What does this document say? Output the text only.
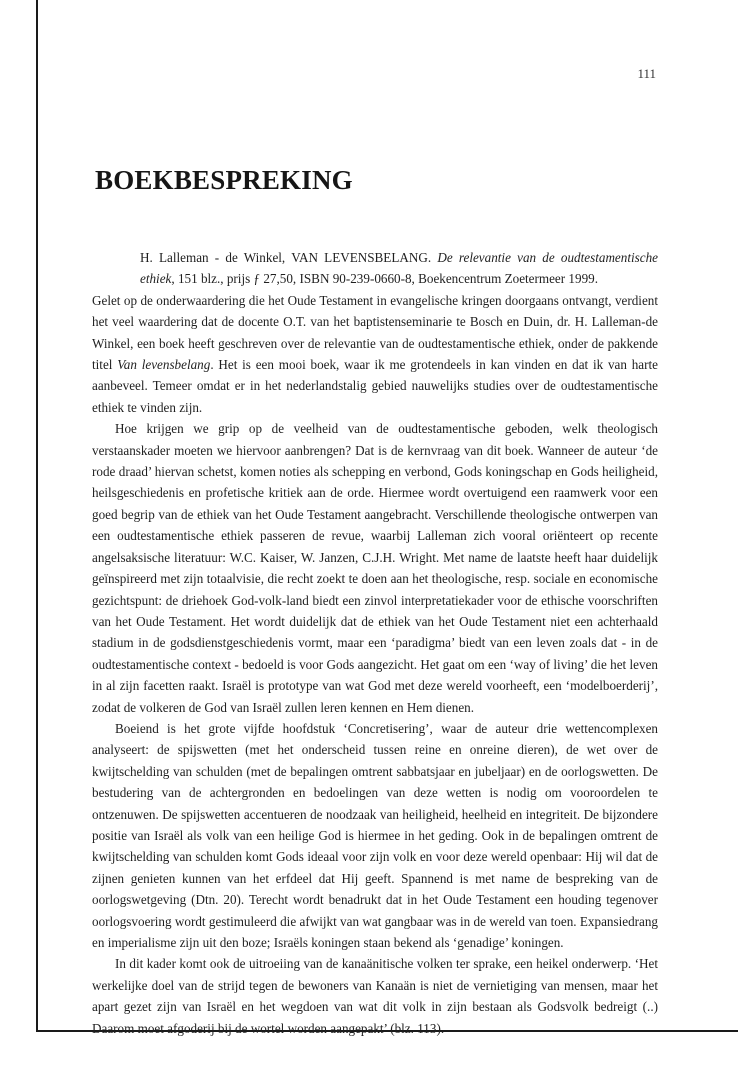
111
BOEKBESPREKING

H. Lalleman - de Winkel, VAN LEVENSBELANG. De relevantie van de oudtestamentische ethiek, 151 blz., prijs ƒ 27,50, ISBN 90-239-0660-8, Boekencentrum Zoetermeer 1999.

Gelet op de onderwaardering die het Oude Testament in evangelische kringen doorgaans ontvangt, verdient het veel waardering dat de docente O.T. van het baptistenseminarie te Bosch en Duin, dr. H. Lalleman-de Winkel, een boek heeft geschreven over de relevantie van de oudtestamentische ethiek, onder de pakkende titel Van levensbelang. Het is een mooi boek, waar ik me grotendeels in kan vinden en dat ik van harte aanbeveel. Temeer omdat er in het nederlandstalig gebied nauwelijks studies over de oudtestamentische ethiek te vinden zijn.

Hoe krijgen we grip op de veelheid van de oudtestamentische geboden, welk theologisch verstaanskader moeten we hiervoor aanbrengen? Dat is de kernvraag van dit boek. Wanneer de auteur ‘de rode draad’ hiervan schetst, komen noties als schepping en verbond, Gods koningschap en Gods heiligheid, heilsgeschiedenis en profetische kritiek aan de orde. Hiermee wordt overtuigend een raamwerk voor een goed begrip van de ethiek van het Oude Testament aangebracht. Verschillende theologische ontwerpen van een oudtestamentische ethiek passeren de revue, waarbij Lalleman zich vooral oriënteert op recente angelsaksische literatuur: W.C. Kaiser, W. Janzen, C.J.H. Wright. Met name de laatste heeft haar duidelijk geïnspireerd met zijn totaalvisie, die recht zoekt te doen aan het theologische, resp. sociale en economische gezichtspunt: de driehoek God-volk-land biedt een zinvol interpretatiekader voor de ethische voorschriften van het Oude Testament. Het wordt duidelijk dat de ethiek van het Oude Testament niet een achterhaald stadium in de godsdienstgeschiedenis vormt, maar een ‘paradigma’ biedt van een leven zoals dat - in de oudtestamentische context - bedoeld is voor Gods aangezicht. Het gaat om een ‘way of living’ die het leven in al zijn facetten raakt. Israël is prototype van wat God met deze wereld voorheeft, een ‘modelboerderij’, zodat de volkeren de God van Israël zullen leren kennen en Hem dienen.

Boeiend is het grote vijfde hoofdstuk ‘Concretisering’, waar de auteur drie wettencomplexen analyseert: de spijswetten (met het onderscheid tussen reine en onreine dieren), de wet over de kwijtschelding van schulden (met de bepalingen omtrent sabbatsjaar en jubeljaar) en de oorlogswetten. De bestudering van de achtergronden en bedoelingen van deze wetten is nodig om vooroordelen te ontzenuwen. De spijswetten accentueren de noodzaak van heiligheid, heelheid en integriteit. De bijzondere positie van Israël als volk van een heilige God is hiermee in het geding. Ook in de bepalingen omtrent de kwijtschelding van schulden komt Gods ideaal voor zijn volk en voor deze wereld openbaar: Hij wil dat de zijnen genieten kunnen van het erfdeel dat Hij geeft. Spannend is met name de bespreking van de oorlogswetgeving (Dtn. 20). Terecht wordt benadrukt dat in het Oude Testament een houding tegenover oorlogsvoering wordt gestimuleerd die afwijkt van wat gangbaar was in de wereld van toen. Expansiedrang en imperialisme zijn uit den boze; Israëls koningen staan bekend als ‘genadige’ koningen.

In dit kader komt ook de uitroeiing van de kanaänitische volken ter sprake, een heikel onderwerp. ‘Het werkelijke doel van de strijd tegen de bewoners van Kanaän is niet de vernietiging van mensen, maar het apart gezet zijn van Israël en het wegdoen van wat dit volk in zijn bestaan als Godsvolk bedreigt (..) Daarom moet afgoderij bij de wortel worden aangepakt’ (blz. 113).
